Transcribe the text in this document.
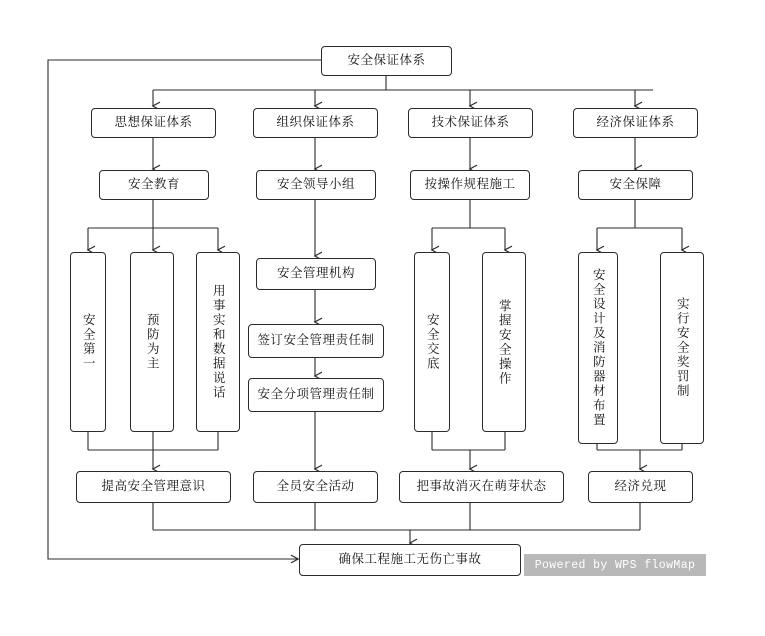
安全保证体系
思想保证体系	组织保证体系	技术保证体系	经济保证体系
安全教育	安全领导小组	按操作规程施工	安全保障
安全第一	预防为主	用事实和数据说话
安全管理机构
签订安全管理责任制
安全分项管理责任制
安全交底	掌握安全操作	安全设计及消防器材布置	实行安全奖罚制
提高安全管理意识	全员安全活动	把事故消灭在萌芽状态	经济兑现
确保工程施工无伤亡事故	Powered by WPS flowMap
